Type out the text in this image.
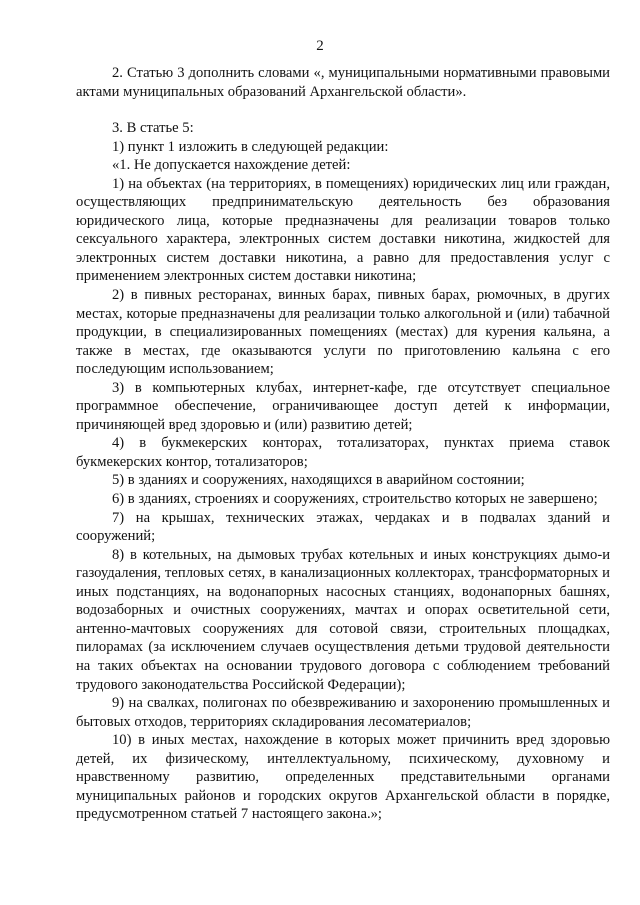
2

2. Статью 3 дополнить словами «, муниципальными нормативными правовыми актами муниципальных образований Архангельской области».

3. В статье 5:

1) пункт 1 изложить в следующей редакции:

«1. Не допускается нахождение детей:

1) на объектах (на территориях, в помещениях) юридических лиц или граждан, осуществляющих предпринимательскую деятельность без образования юридического лица, которые предназначены для реализации товаров только сексуального характера, электронных систем доставки никотина, жидкостей для электронных систем доставки никотина, а равно для предоставления услуг с применением электронных систем доставки никотина;

2) в пивных ресторанах, винных барах, пивных барах, рюмочных, в других местах, которые предназначены для реализации только алкогольной и (или) табачной продукции, в специализированных помещениях (местах) для курения кальяна, а также в местах, где оказываются услуги по приготовлению кальяна с его последующим использованием;

3) в компьютерных клубах, интернет-кафе, где отсутствует специальное программное обеспечение, ограничивающее доступ детей к информации, причиняющей вред здоровью и (или) развитию детей;

4) в букмекерских конторах, тотализаторах, пунктах приема ставок букмекерских контор, тотализаторов;

5) в зданиях и сооружениях, находящихся в аварийном состоянии;

6) в зданиях, строениях и сооружениях, строительство которых не завершено;

7) на крышах, технических этажах, чердаках и в подвалах зданий и сооружений;

8) в котельных, на дымовых трубах котельных и иных конструкциях дымо-и газоудаления, тепловых сетях, в канализационных коллекторах, трансформаторных и иных подстанциях, на водонапорных насосных станциях, водонапорных башнях, водозаборных и очистных сооружениях, мачтах и опорах осветительной сети, антенно-мачтовых сооружениях для сотовой связи, строительных площадках, пилорамах (за исключением случаев осуществления детьми трудовой деятельности на таких объектах на основании трудового договора с соблюдением требований трудового законодательства Российской Федерации);

9) на свалках, полигонах по обезвреживанию и захоронению промышленных и бытовых отходов, территориях складирования лесоматериалов;

10) в иных местах, нахождение в которых может причинить вред здоровью детей, их физическому, интеллектуальному, психическому, духовному и нравственному развитию, определенных представительными органами муниципальных районов и городских округов Архангельской области в порядке, предусмотренном статьей 7 настоящего закона.»;
